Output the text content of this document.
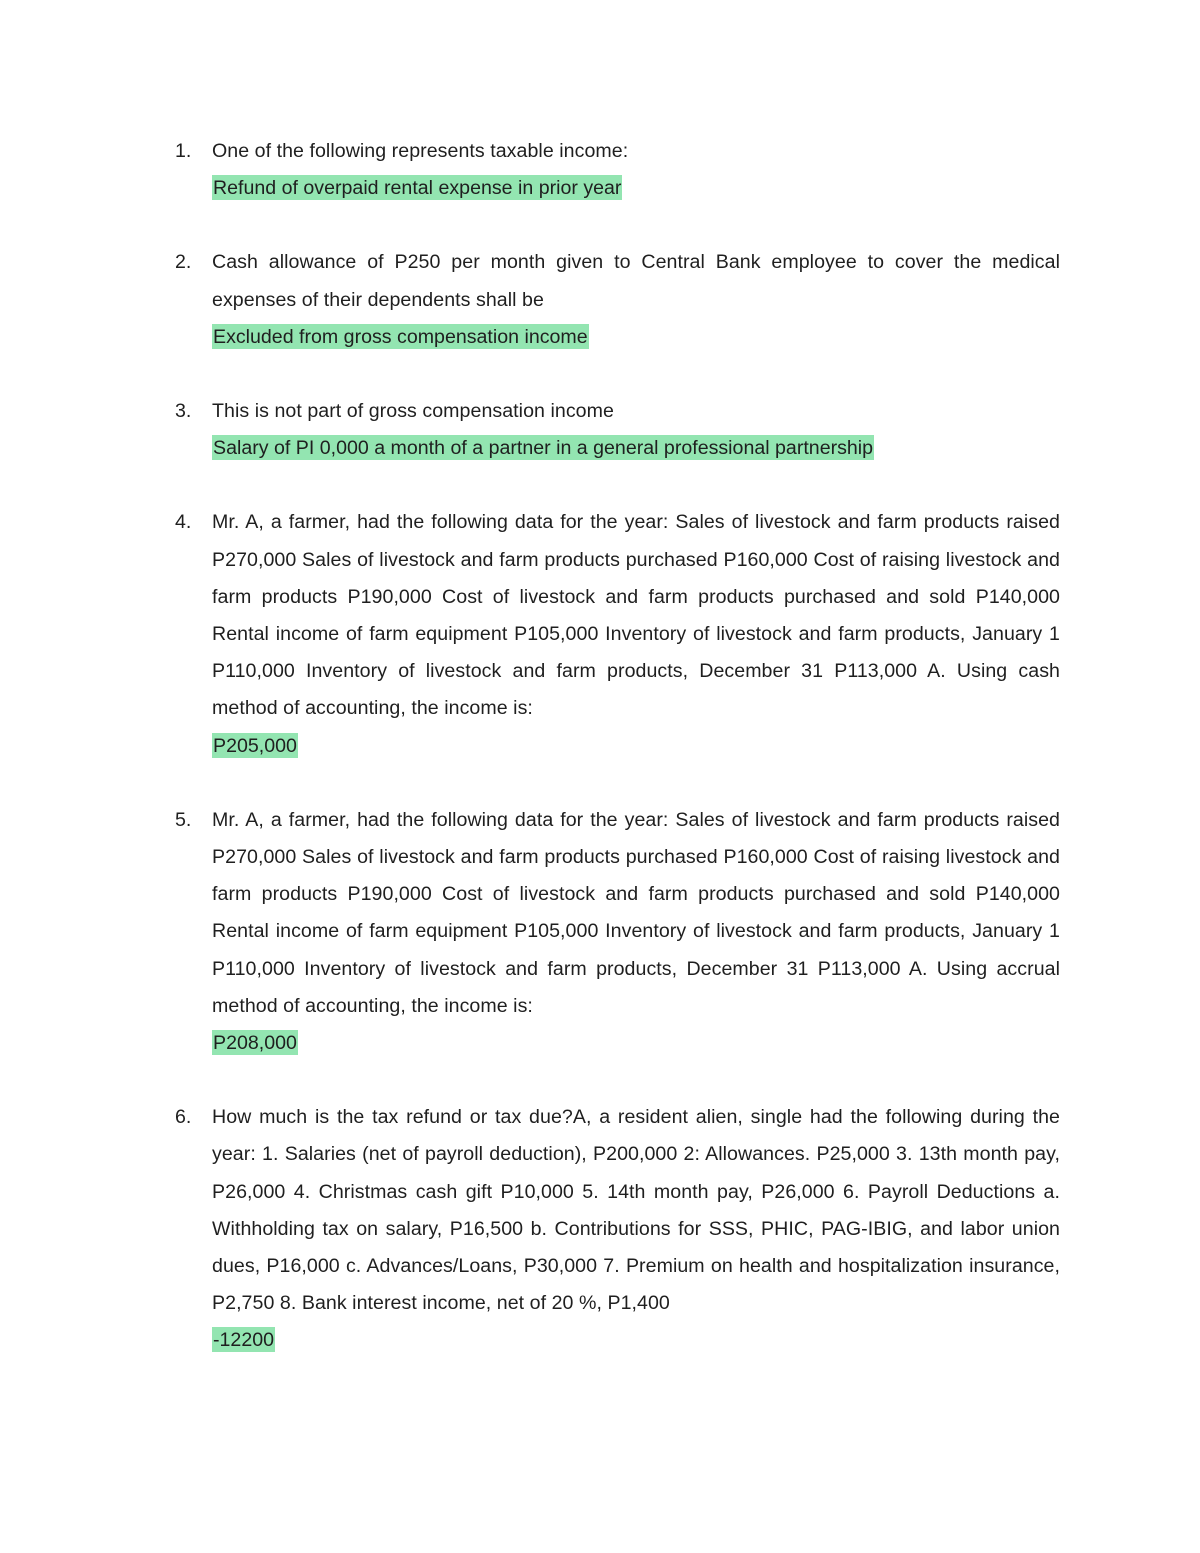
1. One of the following represents taxable income:

Refund of overpaid rental expense in prior year

2. Cash allowance of P250 per month given to Central Bank employee to cover the medical expenses of their dependents shall be

Excluded from gross compensation income

3. This is not part of gross compensation income

Salary of PI 0,000 a month of a partner in a general professional partnership

4. Mr. A, a farmer, had the following data for the year: Sales of livestock and farm products raised P270,000 Sales of livestock and farm products purchased P160,000 Cost of raising livestock and farm products P190,000 Cost of livestock and farm products purchased and sold P140,000 Rental income of farm equipment P105,000 Inventory of livestock and farm products, January 1 P110,000 Inventory of livestock and farm products, December 31 P113,000 A. Using cash method of accounting, the income is:

P205,000

5. Mr. A, a farmer, had the following data for the year: Sales of livestock and farm products raised P270,000 Sales of livestock and farm products purchased P160,000 Cost of raising livestock and farm products P190,000 Cost of livestock and farm products purchased and sold P140,000 Rental income of farm equipment P105,000 Inventory of livestock and farm products, January 1 P110,000 Inventory of livestock and farm products, December 31 P113,000 A. Using accrual method of accounting, the income is:

P208,000

6. How much is the tax refund or tax due?A, a resident alien, single had the following during the year: 1. Salaries (net of payroll deduction), P200,000 2: Allowances. P25,000 3. 13th month pay, P26,000 4. Christmas cash gift P10,000 5. 14th month pay, P26,000 6. Payroll Deductions a. Withholding tax on salary, P16,500 b. Contributions for SSS, PHIC, PAG-IBIG, and labor union dues, P16,000 c. Advances/Loans, P30,000 7. Premium on health and hospitalization insurance, P2,750 8. Bank interest income, net of 20 %, P1,400

-12200
